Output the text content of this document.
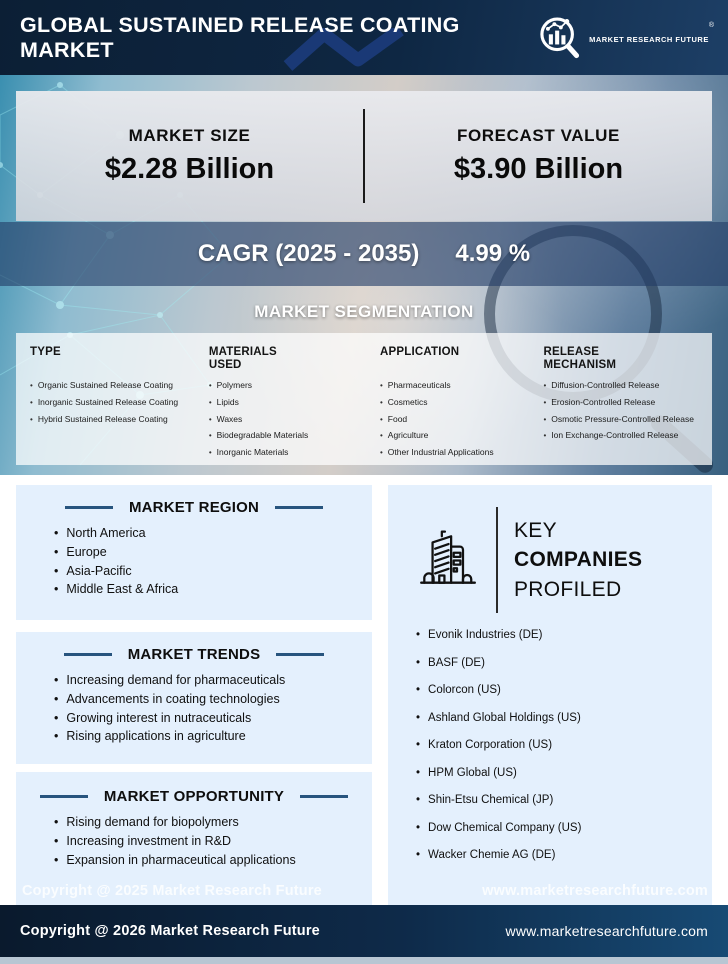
GLOBAL SUSTAINED RELEASE COATING
MARKET	MARKET RESEARCH FUTURE®
MARKET SIZE
$2.28 Billion
FORECAST VALUE
$3.90 Billion
CAGR (2025 - 2035) 4.99 %
MARKET SEGMENTATION
TYPE
• Organic Sustained Release Coating
• Inorganic Sustained Release Coating
• Hybrid Sustained Release Coating
MATERIALS USED
• Polymers
• Lipids
• Waxes
• Biodegradable Materials
• Inorganic Materials
APPLICATION
• Pharmaceuticals
• Cosmetics
• Food
• Agriculture
• Other Industrial Applications
RELEASE MECHANISM
• Diffusion-Controlled Release
• Erosion-Controlled Release
• Osmotic Pressure-Controlled Release
• Ion Exchange-Controlled Release
MARKET REGION
• North America
• Europe
• Asia-Pacific
• Middle East & Africa
MARKET TRENDS
• Increasing demand for pharmaceuticals
• Advancements in coating technologies
• Growing interest in nutraceuticals
• Rising applications in agriculture
MARKET OPPORTUNITY
• Rising demand for biopolymers
• Increasing investment in R&D
• Expansion in pharmaceutical applications
KEY
COMPANIES
PROFILED
• Evonik Industries (DE)
• BASF (DE)
• Colorcon (US)
• Ashland Global Holdings (US)
• Kraton Corporation (US)
• HPM Global (US)
• Shin-Etsu Chemical (JP)
• Dow Chemical Company (US)
• Wacker Chemie AG (DE)
Copyright @ 2025 Market Research Future	www.marketresearchfuture.com
Copyright @ 2026 Market Research Future	www.marketresearchfuture.com
